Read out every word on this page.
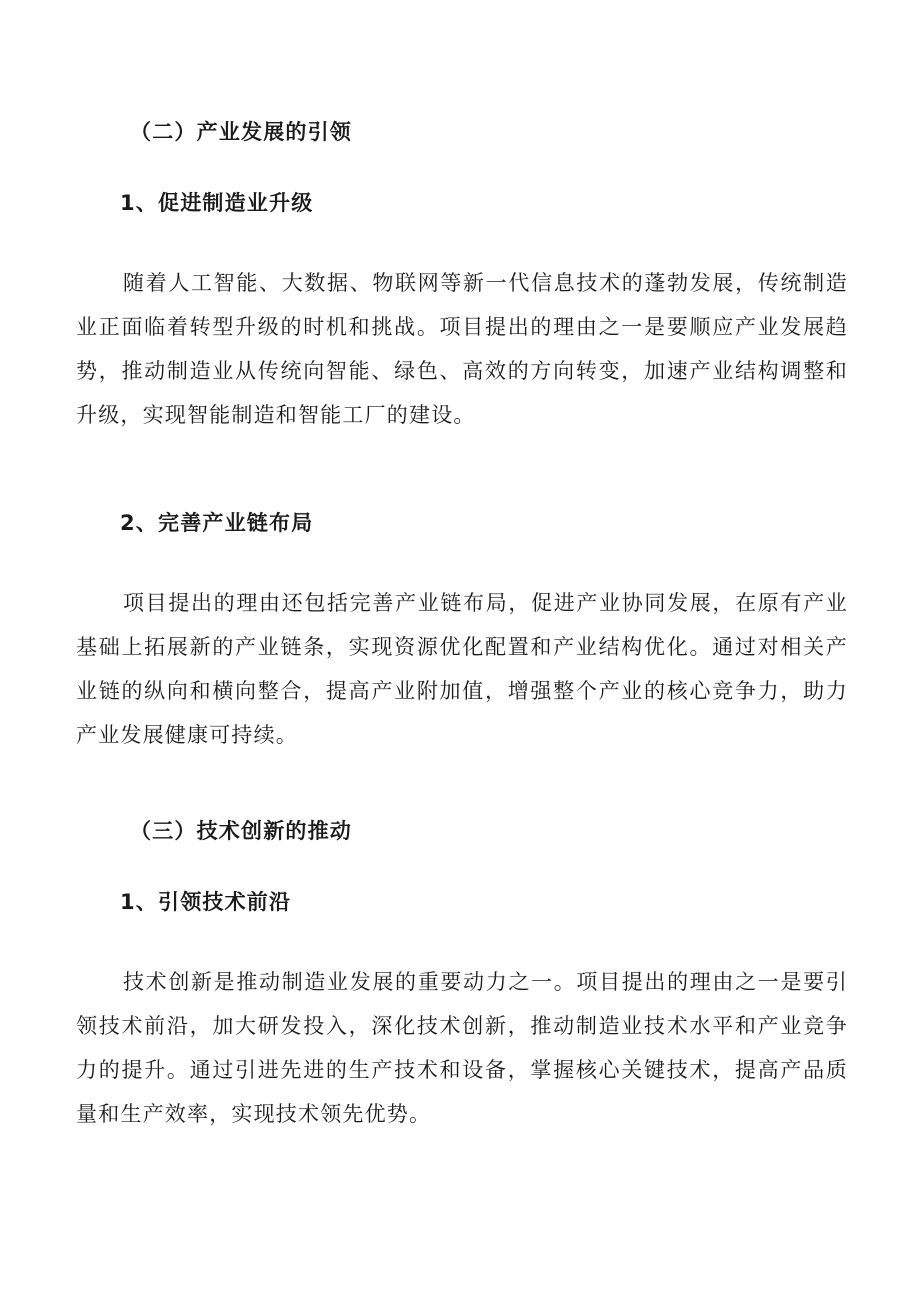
（二）产业发展的引领
1、促进制造业升级

随着人工智能、大数据、物联网等新一代信息技术的蓬勃发展，传统制造业正面临着转型升级的时机和挑战。项目提出的理由之一是要顺应产业发展趋势，推动制造业从传统向智能、绿色、高效的方向转变，加速产业结构调整和升级，实现智能制造和智能工厂的建设。

2、完善产业链布局

项目提出的理由还包括完善产业链布局，促进产业协同发展，在原有产业基础上拓展新的产业链条，实现资源优化配置和产业结构优化。通过对相关产业链的纵向和横向整合，提高产业附加值，增强整个产业的核心竞争力，助力产业发展健康可持续。

（三）技术创新的推动
1、引领技术前沿

技术创新是推动制造业发展的重要动力之一。项目提出的理由之一是要引领技术前沿，加大研发投入，深化技术创新，推动制造业技术水平和产业竞争力的提升。通过引进先进的生产技术和设备，掌握核心关键技术，提高产品质量和生产效率，实现技术领先优势。
